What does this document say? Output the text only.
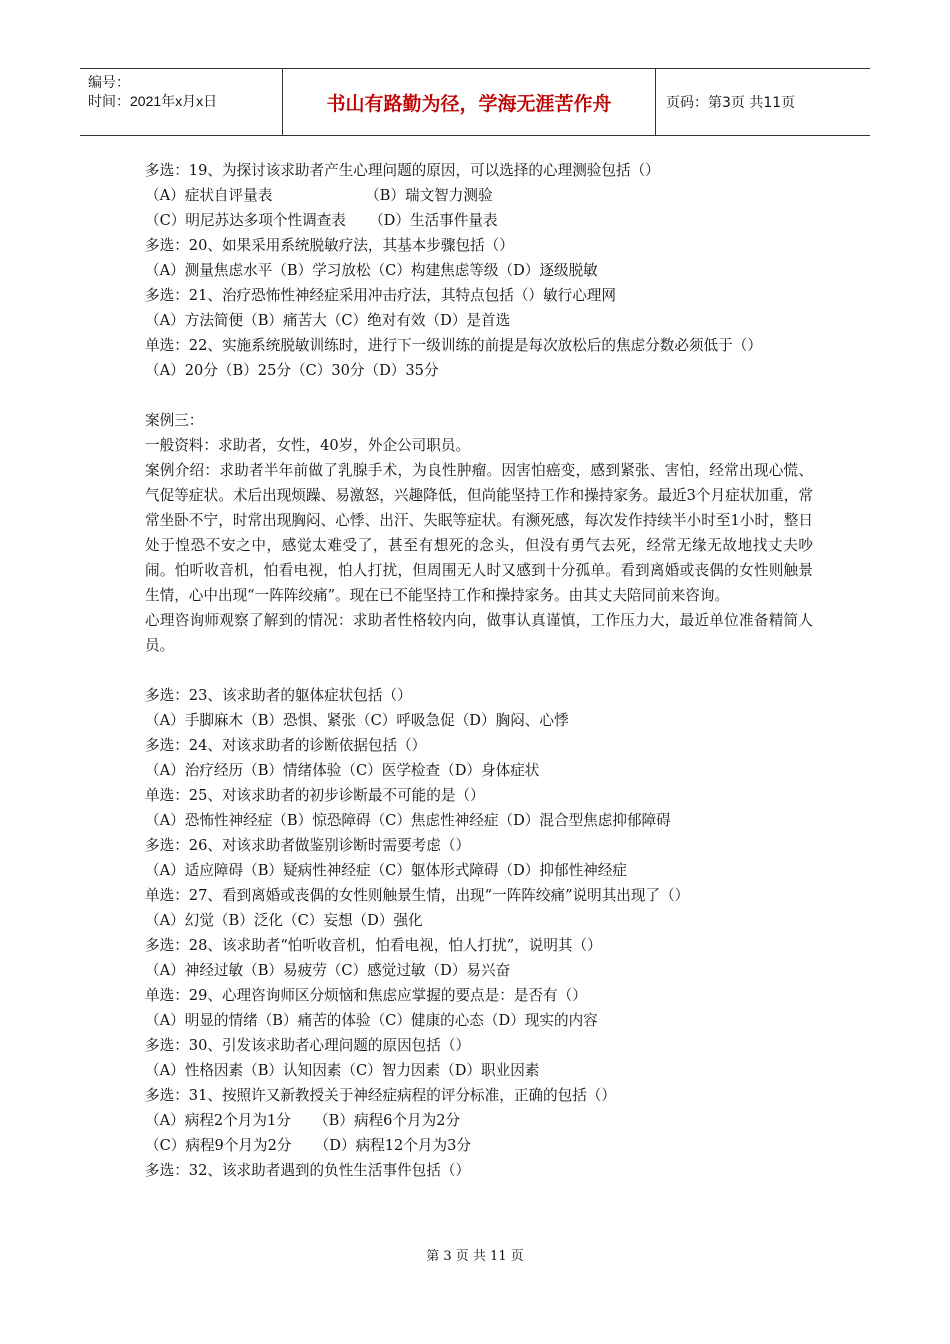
编号：
时间：2021年x月x日	书山有路勤为径，学海无涯苦作舟	页码：第3页 共11页
多选：19、为探讨该求助者产生心理问题的原因，可以选择的心理测验包括（）
（A）症状自评量表                    （B）瑞文智力测验
（C）明尼苏达多项个性调查表     （D）生活事件量表
多选：20、如果采用系统脱敏疗法，其基本步骤包括（）
（A）测量焦虑水平（B）学习放松（C）构建焦虑等级（D）逐级脱敏
多选：21、治疗恐怖性神经症采用冲击疗法，其特点包括（）敏行心理网
（A）方法简便（B）痛苦大（C）绝对有效（D）是首选
单选：22、实施系统脱敏训练时，进行下一级训练的前提是每次放松后的焦虑分数必须低于（）
（A）20分（B）25分（C）30分（D）35分
案例三：
一般资料：求助者，女性，40岁，外企公司职员。
案例介绍：求助者半年前做了乳腺手术，为良性肿瘤。因害怕癌变，感到紧张、害怕，经常出现心慌、气促等症状。术后出现烦躁、易激怒，兴趣降低，但尚能坚持工作和操持家务。最近3个月症状加重，常常坐卧不宁，时常出现胸闷、心悸、出汗、失眠等症状。有濒死感，每次发作持续半小时至1小时，整日处于惶恐不安之中，感觉太难受了，甚至有想死的念头，但没有勇气去死，经常无缘无故地找丈夫吵闹。怕听收音机，怕看电视，怕人打扰，但周围无人时又感到十分孤单。看到离婚或丧偶的女性则触景生情，心中出现“一阵阵绞痛”。现在已不能坚持工作和操持家务。由其丈夫陪同前来咨询。
心理咨询师观察了解到的情况：求助者性格较内向，做事认真谨慎，工作压力大，最近单位准备精简人员。
多选：23、该求助者的躯体症状包括（）
（A）手脚麻木（B）恐惧、紧张（C）呼吸急促（D）胸闷、心悸
多选：24、对该求助者的诊断依据包括（）
（A）治疗经历（B）情绪体验（C）医学检查（D）身体症状
单选：25、对该求助者的初步诊断最不可能的是（）
（A）恐怖性神经症（B）惊恐障碍（C）焦虑性神经症（D）混合型焦虑抑郁障碍
多选：26、对该求助者做鉴别诊断时需要考虑（）
（A）适应障碍（B）疑病性神经症（C）躯体形式障碍（D）抑郁性神经症
单选：27、看到离婚或丧偶的女性则触景生情，出现“一阵阵绞痛”说明其出现了（）
（A）幻觉（B）泛化（C）妄想（D）强化
多选：28、该求助者“怕听收音机，怕看电视，怕人打扰”，说明其（）
（A）神经过敏（B）易疲劳（C）感觉过敏（D）易兴奋
单选：29、心理咨询师区分烦恼和焦虑应掌握的要点是：是否有（）
（A）明显的情绪（B）痛苦的体验（C）健康的心态（D）现实的内容
多选：30、引发该求助者心理问题的原因包括（）
（A）性格因素（B）认知因素（C）智力因素（D）职业因素
多选：31、按照许又新教授关于神经症病程的评分标准，正确的包括（）
（A）病程2个月为1分     （B）病程6个月为2分
（C）病程9个月为2分     （D）病程12个月为3分
多选：32、该求助者遇到的负性生活事件包括（）
第 3 页 共 11 页
